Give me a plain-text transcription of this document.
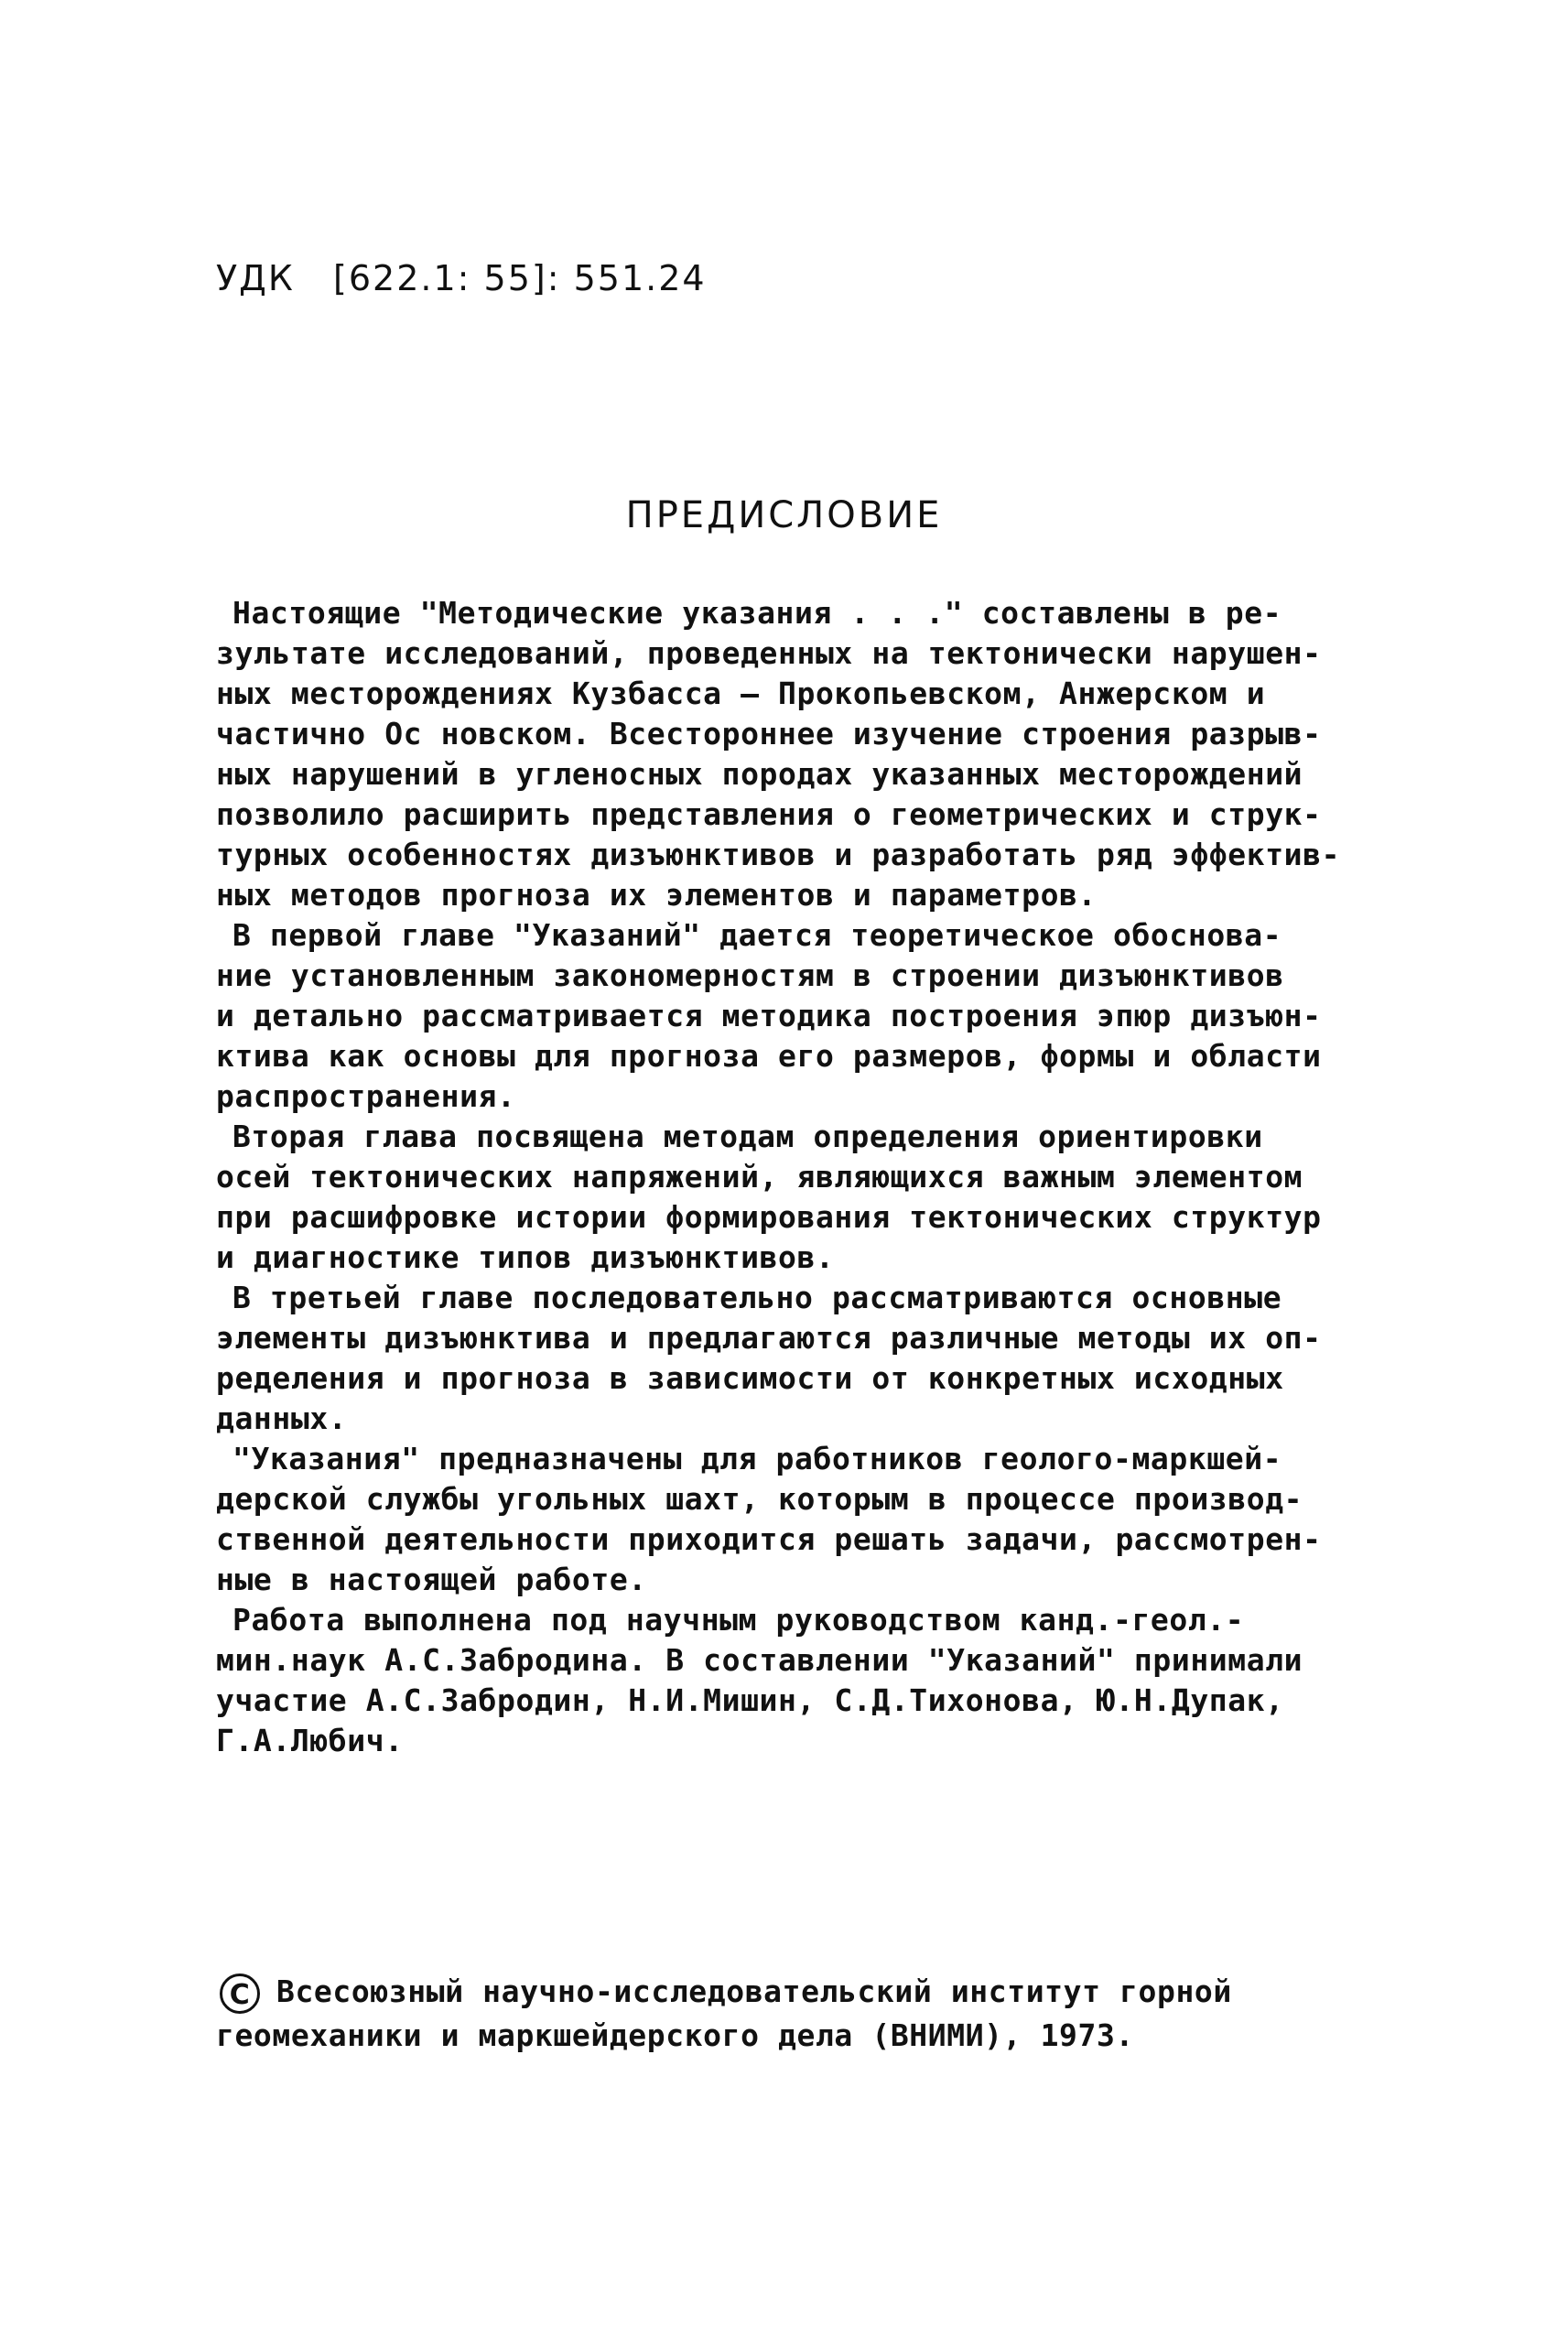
УДК   [622.1: 55]: 551.24
ПРЕДИСЛОВИЕ
Настоящие "Методические указания . . ." составлены в ре-
зультате исследований, проведенных на тектонически нарушен-
ных месторождениях Кузбасса – Прокопьевском, Анжерском и
частично Ос новском. Всестороннее изучение строения разрыв-
ных нарушений в угленосных породах указанных месторождений
позволило расширить представления о геометрических и струк-
турных особенностях дизъюнктивов и разработать ряд эффектив-
ных методов прогноза их элементов и параметров.
В первой главе "Указаний" дается теоретическое обоснова-
ние установленным закономерностям в строении дизъюнктивов
и детально рассматривается методика построения эпюр дизъюн-
ктива как основы для прогноза его размеров, формы и области
распространения.
Вторая глава посвящена методам определения ориентировки
осей тектонических напряжений, являющихся важным элементом
при расшифровке истории формирования тектонических структур
и диагностике типов дизъюнктивов.
В третьей главе последовательно рассматриваются основные
элементы дизъюнктива и предлагаются различные методы их оп-
ределения и прогноза в зависимости от конкретных исходных
данных.
"Указания" предназначены для работников геолого-маркшей-
дерской службы угольных шахт, которым в процессе производ-
ственной деятельности приходится решать задачи, рассмотрен-
ные в настоящей работе.
Работа выполнена под научным руководством канд.-геол.-
мин.наук А.С.Забродина. В составлении "Указаний" принимали
участие А.С.Забродин, Н.И.Мишин, С.Д.Тихонова, Ю.Н.Дупак,
Г.А.Любич.
C Всесоюзный научно-исследовательский институт горной
геомеханики и маркшейдерского дела (ВНИМИ), 1973.
